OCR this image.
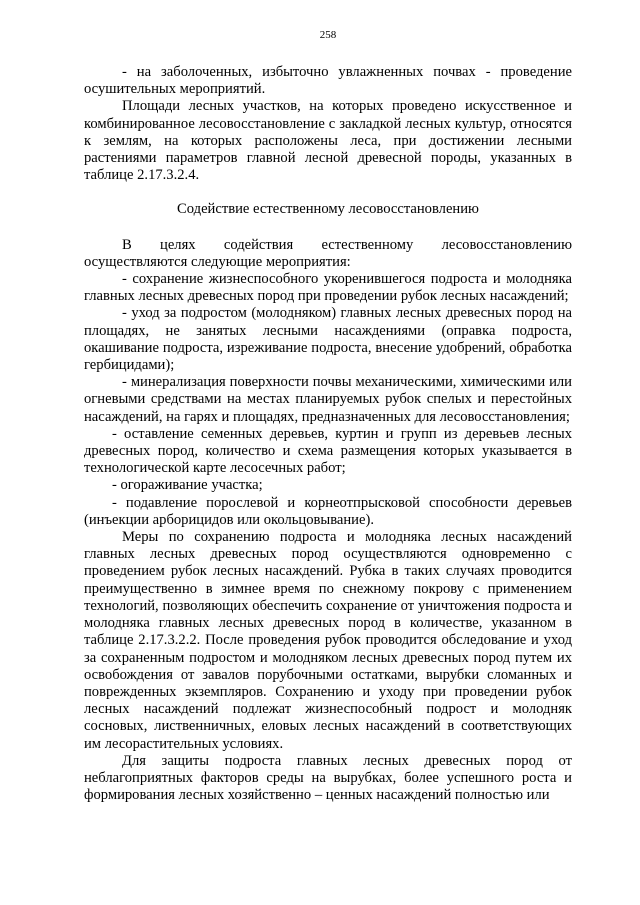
258

- на заболоченных, избыточно увлажненных почвах - проведение осушительных мероприятий.

Площади лесных участков, на которых проведено искусственное и комбинированное лесовосстановление с закладкой лесных культур, относятся к землям, на которых расположены леса, при достижении лесными растениями параметров главной лесной древесной породы, указанных в таблице 2.17.3.2.4.

Содействие естественному лесовосстановлению

В целях содействия естественному лесовосстановлению осуществляются следующие мероприятия:

- сохранение жизнеспособного укоренившегося подроста и молодняка главных лесных древесных пород при проведении рубок лесных насаждений;

- уход за подростом (молодняком) главных лесных древесных пород на площадях, не занятых лесными насаждениями (оправка подроста, окашивание подроста, изреживание подроста, внесение удобрений, обработка гербицидами);

- минерализация поверхности почвы механическими, химическими или огневыми средствами на местах планируемых рубок спелых и перестойных насаждений, на гарях и площадях, предназначенных для лесовосстановления;

- оставление семенных деревьев, куртин и групп из деревьев лесных древесных пород, количество и схема размещения которых указывается в технологической карте лесосечных работ;

- огораживание участка;

- подавление порослевой и корнеотпрысковой способности деревьев (инъекции арборицидов или окольцовывание).

Меры по сохранению подроста и молодняка лесных насаждений главных лесных древесных пород осуществляются одновременно с проведением рубок лесных насаждений. Рубка в таких случаях проводится преимущественно в зимнее время по снежному покрову с применением технологий, позволяющих обеспечить сохранение от уничтожения подроста и молодняка главных лесных древесных пород в количестве, указанном в таблице 2.17.3.2.2. После проведения рубок проводится обследование и уход за сохраненным подростом и молодняком лесных древесных пород путем их освобождения от завалов порубочными остатками, вырубки сломанных и поврежденных экземпляров. Сохранению и уходу при проведении рубок лесных насаждений подлежат жизнеспособный подрост и молодняк сосновых, лиственничных, еловых лесных насаждений в соответствующих им лесорастительных условиях.

Для защиты подроста главных лесных древесных пород от неблагоприятных факторов среды на вырубках, более успешного роста и формирования лесных хозяйственно – ценных насаждений полностью или
